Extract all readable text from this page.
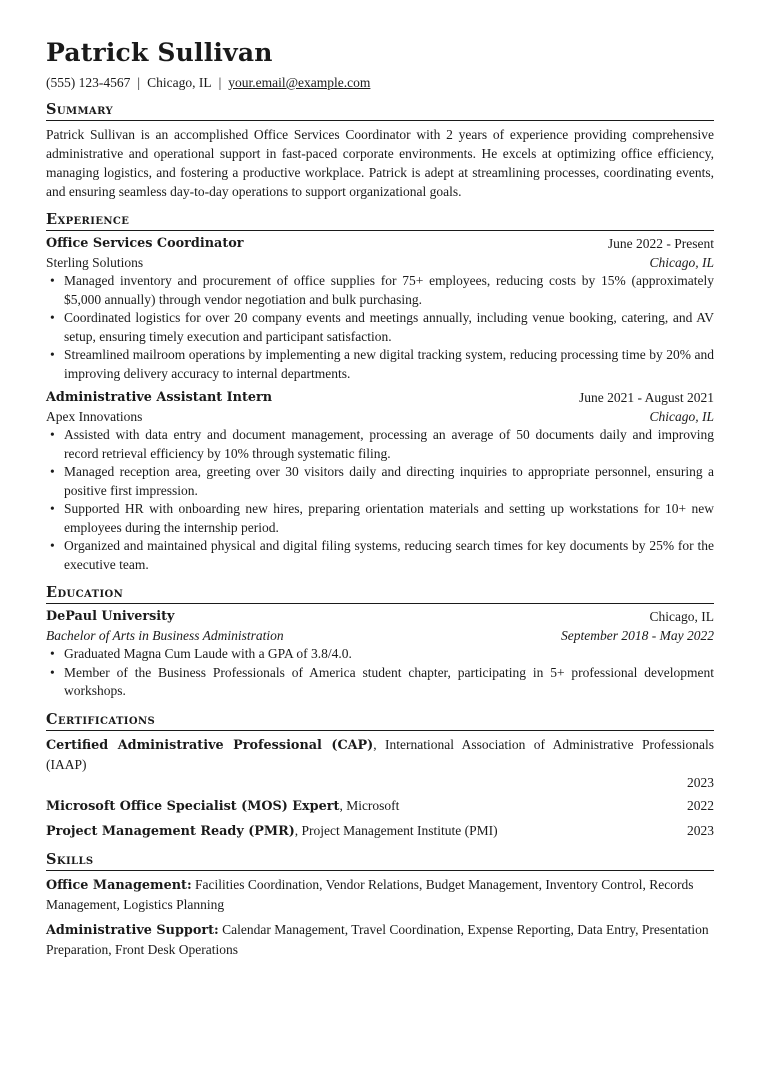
Patrick Sullivan
(555) 123-4567 | Chicago, IL | your.email@example.com
Summary
Patrick Sullivan is an accomplished Office Services Coordinator with 2 years of experience providing comprehensive administrative and operational support in fast-paced corporate environments. He excels at optimizing office efficiency, managing logistics, and fostering a productive workplace. Patrick is adept at streamlining processes, coordinating events, and ensuring seamless day-to-day operations to support organizational goals.
Experience
Office Services Coordinator	June 2022 - Present
Sterling Solutions	Chicago, IL
• Managed inventory and procurement of office supplies for 75+ employees, reducing costs by 15% (approximately $5,000 annually) through vendor negotiation and bulk purchasing.
• Coordinated logistics for over 20 company events and meetings annually, including venue booking, catering, and AV setup, ensuring timely execution and participant satisfaction.
• Streamlined mailroom operations by implementing a new digital tracking system, reducing processing time by 20% and improving delivery accuracy to internal departments.
Administrative Assistant Intern	June 2021 - August 2021
Apex Innovations	Chicago, IL
• Assisted with data entry and document management, processing an average of 50 documents daily and improving record retrieval efficiency by 10% through systematic filing.
• Managed reception area, greeting over 30 visitors daily and directing inquiries to appropriate personnel, ensuring a positive first impression.
• Supported HR with onboarding new hires, preparing orientation materials and setting up workstations for 10+ new employees during the internship period.
• Organized and maintained physical and digital filing systems, reducing search times for key documents by 25% for the executive team.
Education
DePaul University	Chicago, IL
Bachelor of Arts in Business Administration	September 2018 - May 2022
• Graduated Magna Cum Laude with a GPA of 3.8/4.0.
• Member of the Business Professionals of America student chapter, participating in 5+ professional development workshops.
Certifications
Certified Administrative Professional (CAP), International Association of Administrative Professionals (IAAP)
2023
Microsoft Office Specialist (MOS) Expert, Microsoft	2022
Project Management Ready (PMR), Project Management Institute (PMI)	2023
Skills
Office Management: Facilities Coordination, Vendor Relations, Budget Management, Inventory Control, Records Management, Logistics Planning
Administrative Support: Calendar Management, Travel Coordination, Expense Reporting, Data Entry, Presentation Preparation, Front Desk Operations
